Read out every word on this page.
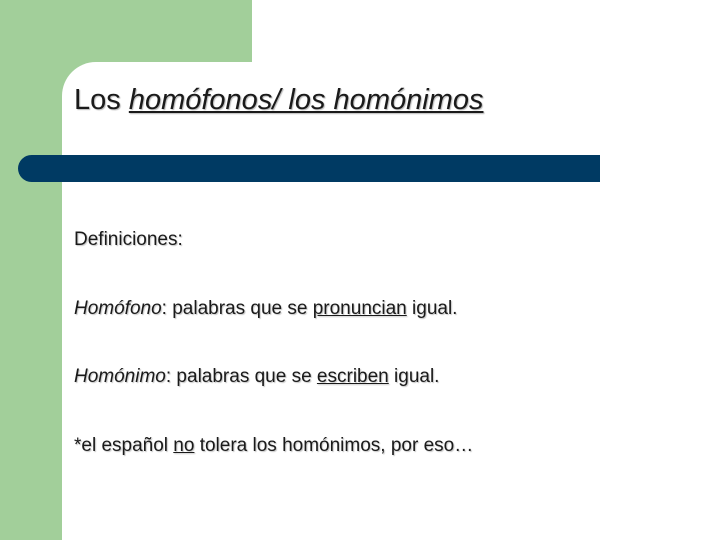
Los homófonos/ los homónimos

Definiciones:

Homófono: palabras que se pronuncian igual.

Homónimo: palabras que se escriben igual.

*el español no tolera los homónimos, por eso…
